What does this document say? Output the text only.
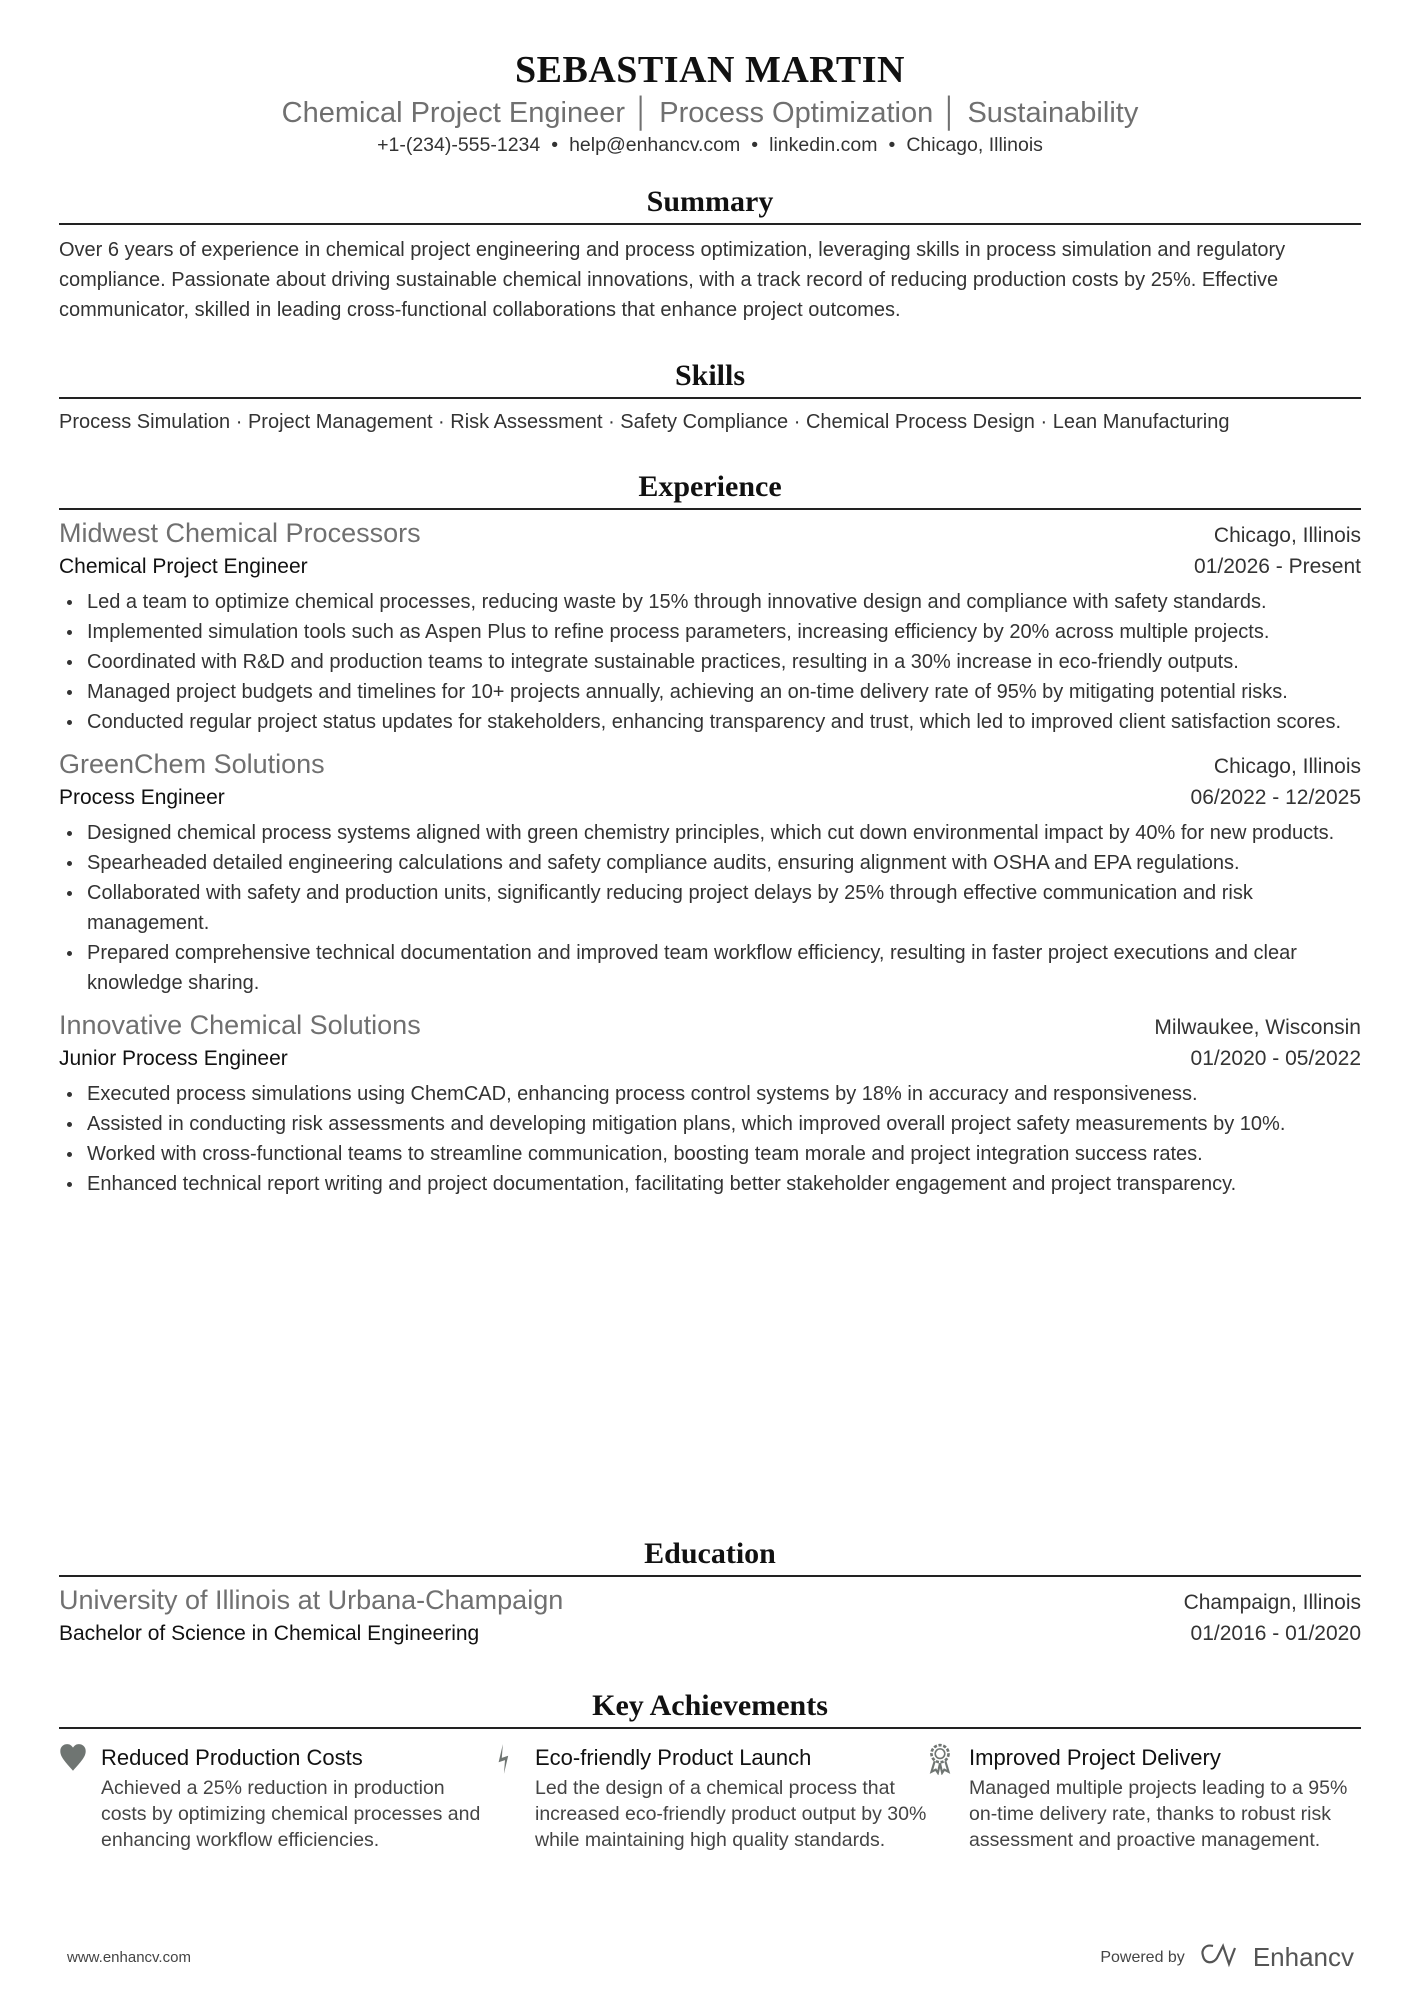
SEBASTIAN MARTIN
Chemical Project Engineer │ Process Optimization │ Sustainability
+1-(234)-555-1234 • help@enhancv.com • linkedin.com • Chicago, Illinois
Summary
Over 6 years of experience in chemical project engineering and process optimization, leveraging skills in process simulation and regulatory compliance. Passionate about driving sustainable chemical innovations, with a track record of reducing production costs by 25%. Effective communicator, skilled in leading cross-functional collaborations that enhance project outcomes.
Skills
Process Simulation · Project Management · Risk Assessment · Safety Compliance · Chemical Process Design · Lean Manufacturing
Experience
Midwest Chemical Processors	Chicago, Illinois
Chemical Project Engineer	01/2026 - Present
Led a team to optimize chemical processes, reducing waste by 15% through innovative design and compliance with safety standards.
Implemented simulation tools such as Aspen Plus to refine process parameters, increasing efficiency by 20% across multiple projects.
Coordinated with R&D and production teams to integrate sustainable practices, resulting in a 30% increase in eco-friendly outputs.
Managed project budgets and timelines for 10+ projects annually, achieving an on-time delivery rate of 95% by mitigating potential risks.
Conducted regular project status updates for stakeholders, enhancing transparency and trust, which led to improved client satisfaction scores.
GreenChem Solutions	Chicago, Illinois
Process Engineer	06/2022 - 12/2025
Designed chemical process systems aligned with green chemistry principles, which cut down environmental impact by 40% for new products.
Spearheaded detailed engineering calculations and safety compliance audits, ensuring alignment with OSHA and EPA regulations.
Collaborated with safety and production units, significantly reducing project delays by 25% through effective communication and risk management.
Prepared comprehensive technical documentation and improved team workflow efficiency, resulting in faster project executions and clear knowledge sharing.
Innovative Chemical Solutions	Milwaukee, Wisconsin
Junior Process Engineer	01/2020 - 05/2022
Executed process simulations using ChemCAD, enhancing process control systems by 18% in accuracy and responsiveness.
Assisted in conducting risk assessments and developing mitigation plans, which improved overall project safety measurements by 10%.
Worked with cross-functional teams to streamline communication, boosting team morale and project integration success rates.
Enhanced technical report writing and project documentation, facilitating better stakeholder engagement and project transparency.
Education
University of Illinois at Urbana-Champaign	Champaign, Illinois
Bachelor of Science in Chemical Engineering	01/2016 - 01/2020
Key Achievements
Reduced Production Costs
Achieved a 25% reduction in production costs by optimizing chemical processes and enhancing workflow efficiencies.
Eco-friendly Product Launch
Led the design of a chemical process that increased eco-friendly product output by 30% while maintaining high quality standards.
Improved Project Delivery
Managed multiple projects leading to a 95% on-time delivery rate, thanks to robust risk assessment and proactive management.
www.enhancv.com	Powered by	Enhancv
